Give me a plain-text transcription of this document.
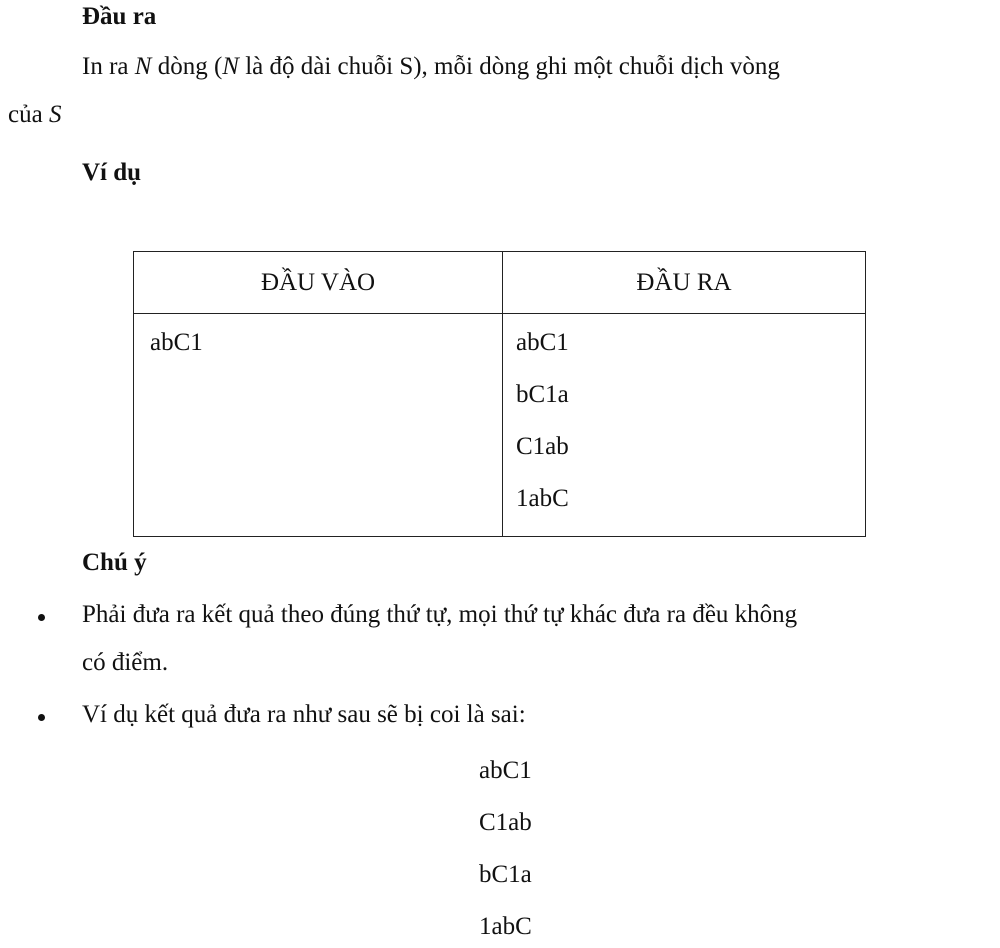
Đầu ra
In ra N dòng (N là độ dài chuỗi S), mỗi dòng ghi một chuỗi dịch vòng
của S
Ví dụ
ĐẦU VÀO	ĐẦU RA

abC1	abC1
bC1a
C1ab
1abC
Chú ý
Phải đưa ra kết quả theo đúng thứ tự, mọi thứ tự khác đưa ra đều không
có điểm.
Ví dụ kết quả đưa ra như sau sẽ bị coi là sai:
abC1
C1ab
bC1a
1abC
